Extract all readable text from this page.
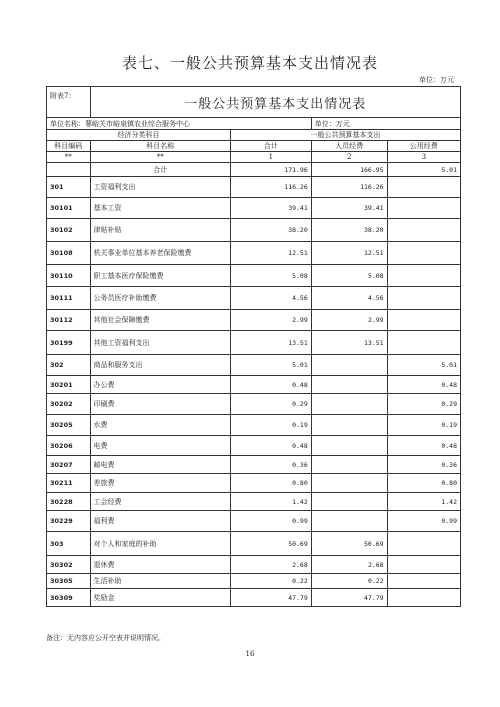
表七、一般公共预算基本支出情况表
单位：万元
附表7：	一般公共预算基本支出情况表			
单位名称：蓼峪关市峪泉镇农业综合服务中心			单位：万元	
经济分类科目		一般公共预算基本支出		
科目编码	科目名称	合计	人员经费	公用经费
**	**	1	2	3
	合计	171.96	166.95	5.01
301	工资福利支出	116.26	116.26	
30101	基本工资	39.41	39.41	
30102	津贴补贴	38.20	38.20	
30108	机关事业单位基本养老保险缴费	12.51	12.51	
30110	职工基本医疗保险缴费	5.08	5.08	
30111	公务员医疗补助缴费	4.56	4.56	
30112	其他社会保障缴费	2.99	2.99	
30199	其他工资福利支出	13.51	13.51	
302	商品和服务支出	5.01		5.01
30201	办公费	0.48		0.48
30202	印刷费	0.29		0.29
30205	水费	0.19		0.19
30206	电费	0.48		0.48
30207	邮电费	0.36		0.36
30211	差旅费	0.80		0.80
30228	工会经费	1.42		1.42
30229	福利费	0.99		0.99
303	对个人和家庭的补助	50.69	50.69	
30302	退休费	2.68	2.68	
30305	生活补助	0.22	0.22	
30309	奖励金	47.79	47.79	
备注：无内容应公开空表并说明情况。
16
